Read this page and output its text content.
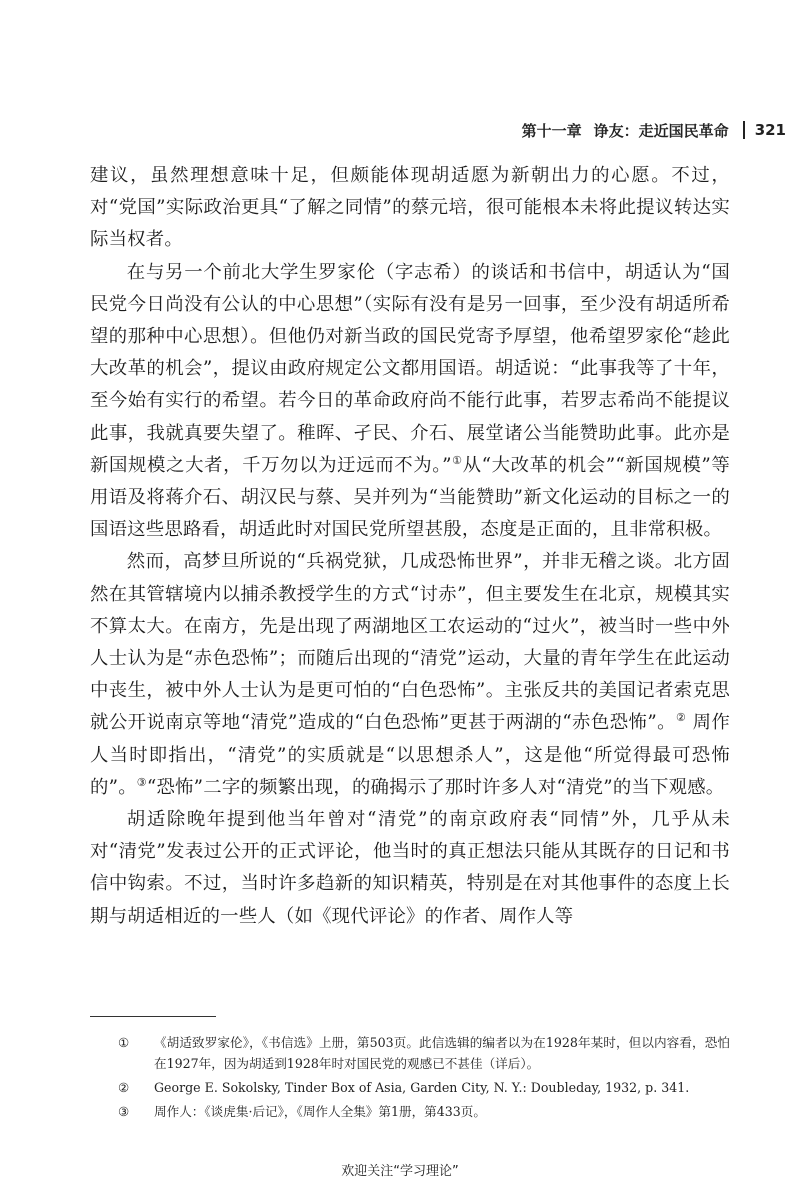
第十一章 诤友：走近国民革命 321

建议，虽然理想意味十足，但颇能体现胡适愿为新朝出力的心愿。不过，对“党国”实际政治更具“了解之同情”的蔡元培，很可能根本未将此提议转达实际当权者。

在与另一个前北大学生罗家伦（字志希）的谈话和书信中，胡适认为“国民党今日尚没有公认的中心思想”（实际有没有是另一回事，至少没有胡适所希望的那种中心思想）。但他仍对新当政的国民党寄予厚望，他希望罗家伦“趁此大改革的机会”，提议由政府规定公文都用国语。胡适说：“此事我等了十年，至今始有实行的希望。若今日的革命政府尚不能行此事，若罗志希尚不能提议此事，我就真要失望了。稚晖、孑民、介石、展堂诸公当能赞助此事。此亦是新国规模之大者，千万勿以为迂远而不为。”①从“大改革的机会”“新国规模”等用语及将蒋介石、胡汉民与蔡、吴并列为“当能赞助”新文化运动的目标之一的国语这些思路看，胡适此时对国民党所望甚殷，态度是正面的，且非常积极。

然而，高梦旦所说的“兵祸党狱，几成恐怖世界”，并非无稽之谈。北方固然在其管辖境内以捕杀教授学生的方式“讨赤”，但主要发生在北京，规模其实不算太大。在南方，先是出现了两湖地区工农运动的“过火”，被当时一些中外人士认为是“赤色恐怖”；而随后出现的“清党”运动，大量的青年学生在此运动中丧生，被中外人士认为是更可怕的“白色恐怖”。主张反共的美国记者索克思就公开说南京等地“清党”造成的“白色恐怖”更甚于两湖的“赤色恐怖”。② 周作人当时即指出，“清党”的实质就是“以思想杀人”，这是他“所觉得最可恐怖的”。③“恐怖”二字的频繁出现，的确揭示了那时许多人对“清党”的当下观感。

胡适除晚年提到他当年曾对“清党”的南京政府表“同情”外，几乎从未对“清党”发表过公开的正式评论，他当时的真正想法只能从其既存的日记和书信中钩索。不过，当时许多趋新的知识精英，特别是在对其他事件的态度上长期与胡适相近的一些人（如《现代评论》的作者、周作人等

①	《胡适致罗家伦》，《书信选》上册，第503页。此信选辑的编者以为在1928年某时，但以内容看，恐怕在1927年，因为胡适到1928年时对国民党的观感已不甚佳（详后）。
②	George E. Sokolsky, Tinder Box of Asia, Garden City, N. Y.: Doubleday, 1932, p. 341.
③	周作人：《谈虎集·后记》，《周作人全集》第1册，第433页。
欢迎关注“学习理论”
